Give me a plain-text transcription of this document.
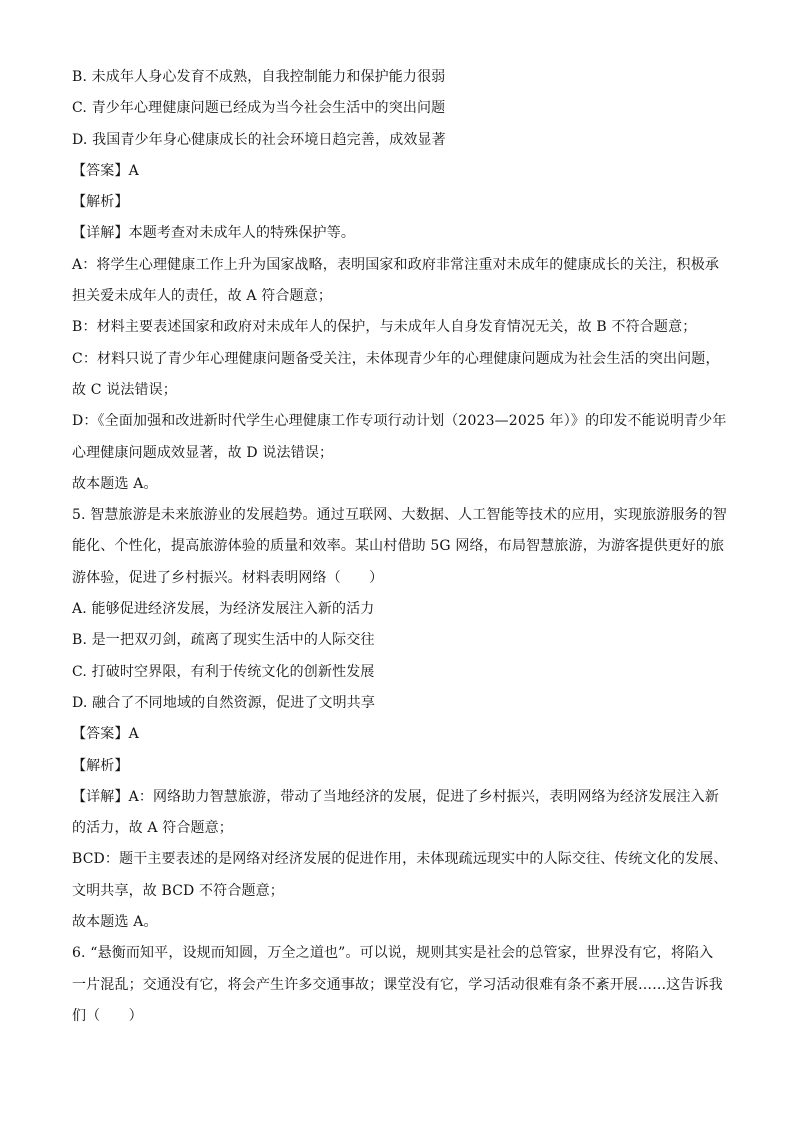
B. 未成年人身心发育不成熟，自我控制能力和保护能力很弱
C. 青少年心理健康问题已经成为当今社会生活中的突出问题
D. 我国青少年身心健康成长的社会环境日趋完善，成效显著
【答案】A
【解析】
【详解】本题考查对未成年人的特殊保护等。
A：将学生心理健康工作上升为国家战略，表明国家和政府非常注重对未成年的健康成长的关注，积极承
担关爱未成年人的责任，故 A 符合题意；
B：材料主要表述国家和政府对未成年人的保护，与未成年人自身发育情况无关，故 B 不符合题意；
C：材料只说了青少年心理健康问题备受关注，未体现青少年的心理健康问题成为社会生活的突出问题，
故 C 说法错误；
D：《全面加强和改进新时代学生心理健康工作专项行动计划（2023—2025 年）》的印发不能说明青少年
心理健康问题成效显著，故 D 说法错误；
故本题选 A。
5. 智慧旅游是未来旅游业的发展趋势。通过互联网、大数据、人工智能等技术的应用，实现旅游服务的智
能化、个性化，提高旅游体验的质量和效率。某山村借助 5G 网络，布局智慧旅游，为游客提供更好的旅
游体验，促进了乡村振兴。材料表明网络（　　）
A. 能够促进经济发展，为经济发展注入新的活力
B. 是一把双刃剑，疏离了现实生活中的人际交往
C. 打破时空界限，有利于传统文化的创新性发展
D. 融合了不同地域的自然资源，促进了文明共享
【答案】A
【解析】
【详解】A：网络助力智慧旅游，带动了当地经济的发展，促进了乡村振兴，表明网络为经济发展注入新
的活力，故 A 符合题意；
BCD：题干主要表述的是网络对经济发展的促进作用，未体现疏远现实中的人际交往、传统文化的发展、
文明共享，故 BCD 不符合题意；
故本题选 A。
6. “悬衡而知平，设规而知圆，万全之道也”。可以说，规则其实是社会的总管家，世界没有它，将陷入
一片混乱；交通没有它，将会产生许多交通事故；课堂没有它，学习活动很难有条不紊开展……这告诉我
们（　　）
